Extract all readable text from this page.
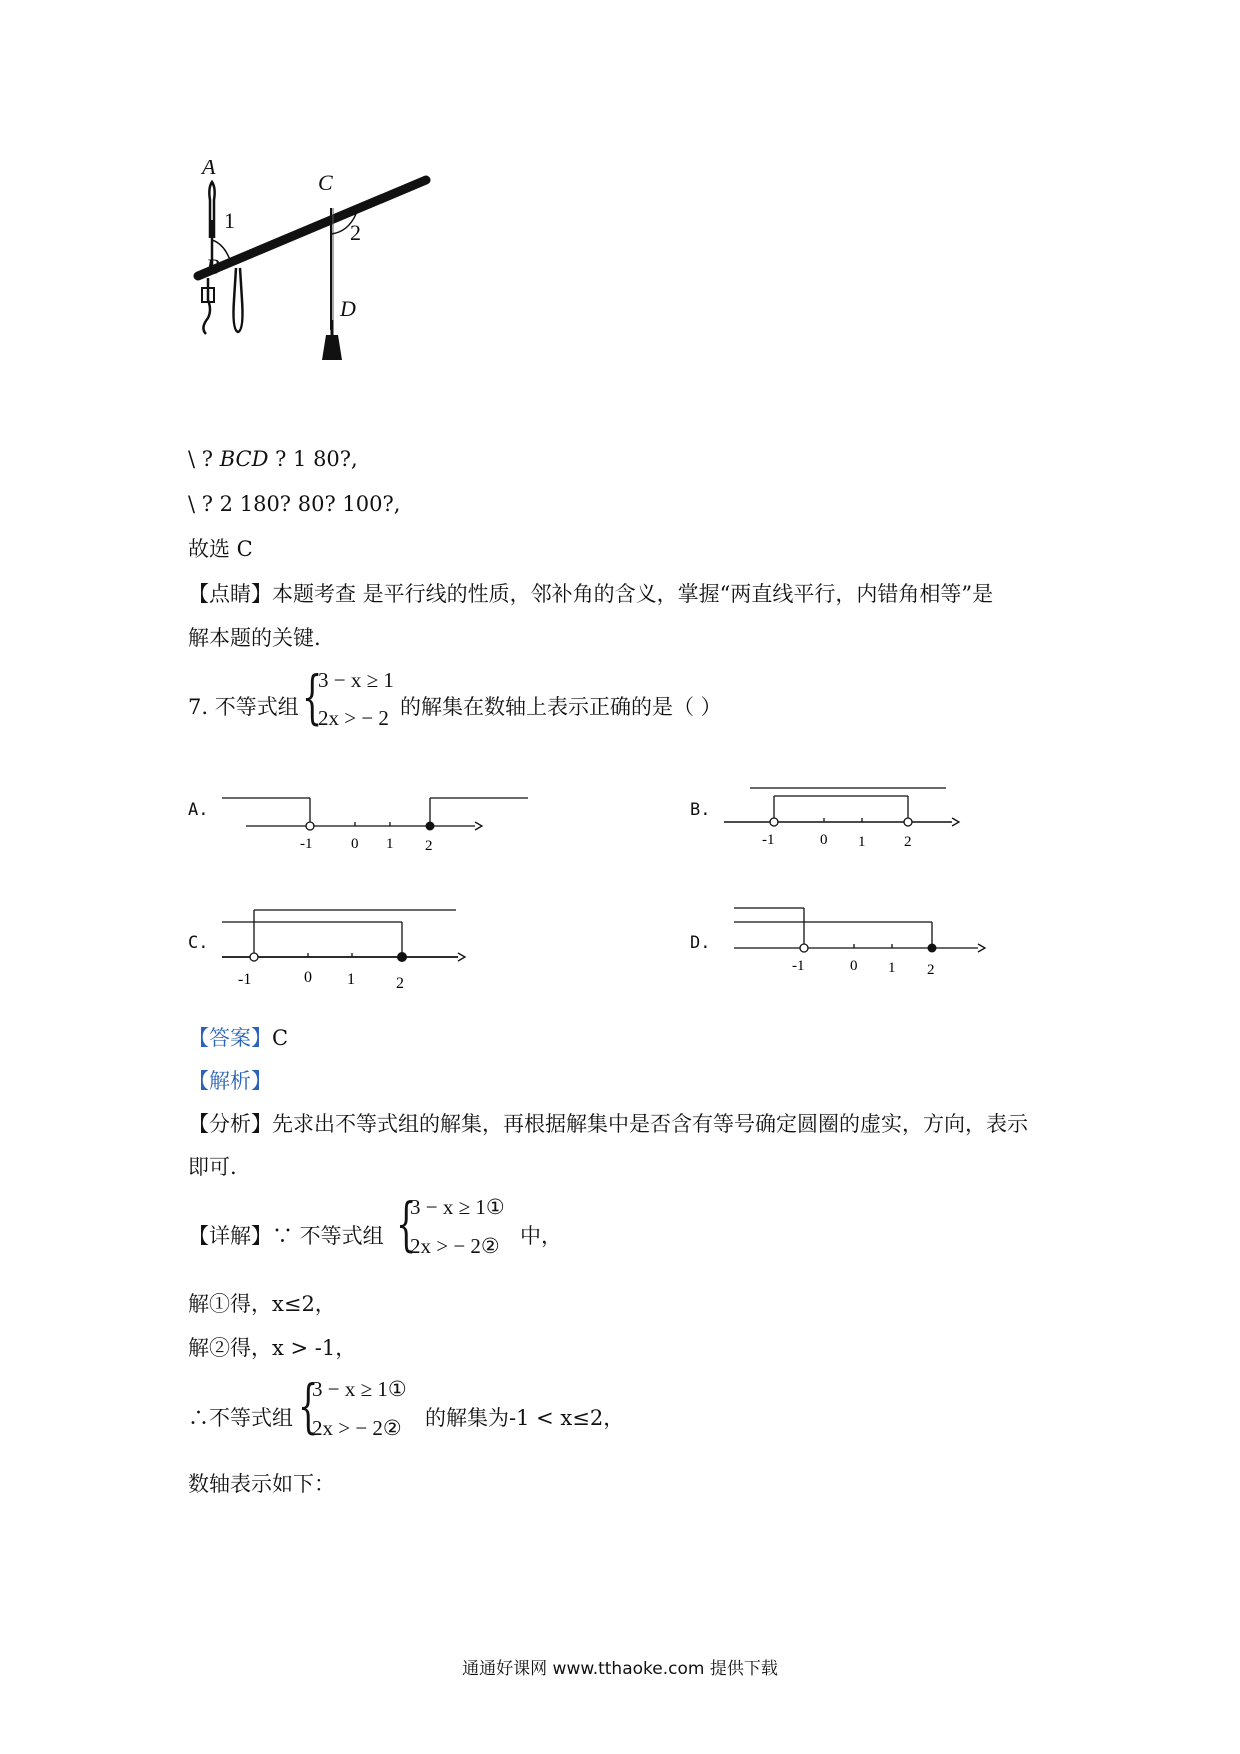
A
1
B
C
2
D
\ ? BCD ? 1 80?,
\ ? 2 180? 80? 100?,
故选 C
【点睛】本题考查 是平行线的性质，邻补角的含义，掌握“两直线平行，内错角相等”是
解本题的关键.
7. 不等式组 {
3 − x ≥ 1
2x > − 2 的解集在数轴上表示正确的是（ ）
A.
-1	0 1 2
B.
-1	0 1	2
C.
-1	0 1	2
D.
-1	0 1 2
【答案】C
【解析】
【分析】先求出不等式组的解集，再根据解集中是否含有等号确定圆圈的虚实，方向，表示
即可.
【详解】∵ 不等式组 {
3 − x ≥ 1①
2x > − 2② 中，
解①得，x≤2，
解②得，x > -1，
∴不等式组 {
3 − x ≥ 1①
2x > − 2② 的解集为-1 < x≤2，
数轴表示如下：
通通好课网 www.tthaoke.com 提供下载
